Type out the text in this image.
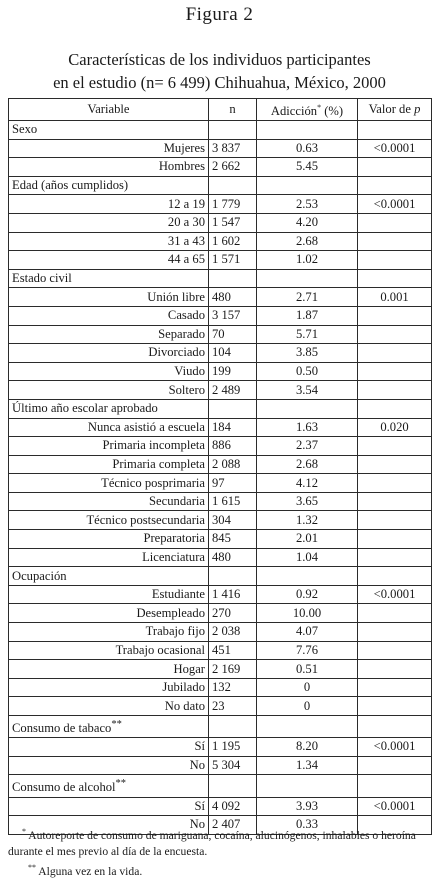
Figura 2
Características de los individuos participantes
en el estudio (n= 6 499) Chihuahua, México, 2000
Variable	n	Adicción* (%)	Valor de p
Sexo			
Mujeres	3 837	0.63	<0.0001
Hombres	2 662	5.45	
Edad (años cumplidos)			
12 a 19	1 779	2.53	<0.0001
20 a 30	1 547	4.20	
31 a 43	1 602	2.68	
44 a 65	1 571	1.02	
Estado civil			
Unión libre	480	2.71	0.001
Casado	3 157	1.87	
Separado	70	5.71	
Divorciado	104	3.85	
Viudo	199	0.50	
Soltero	2 489	3.54	
Último año escolar aprobado			
Nunca asistió a escuela	184	1.63	0.020
Primaria incompleta	886	2.37	
Primaria completa	2 088	2.68	
Técnico posprimaria	97	4.12	
Secundaria	1 615	3.65	
Técnico postsecundaria	304	1.32	
Preparatoria	845	2.01	
Licenciatura	480	1.04	
Ocupación			
Estudiante	1 416	0.92	<0.0001
Desempleado	270	10.00	
Trabajo fijo	2 038	4.07	
Trabajo ocasional	451	7.76	
Hogar	2 169	0.51	
Jubilado	132	0	
No dato	23	0	
Consumo de tabaco**			
Sí	1 195	8.20	<0.0001
No	5 304	1.34	
Consumo de alcohol**			
Sí	4 092	3.93	<0.0001
No	2 407	0.33	
* Autoreporte de consumo de mariguana, cocaína, alucinógenos, inhalables o heroína durante el mes previo al día de la encuesta.
** Alguna vez en la vida.
